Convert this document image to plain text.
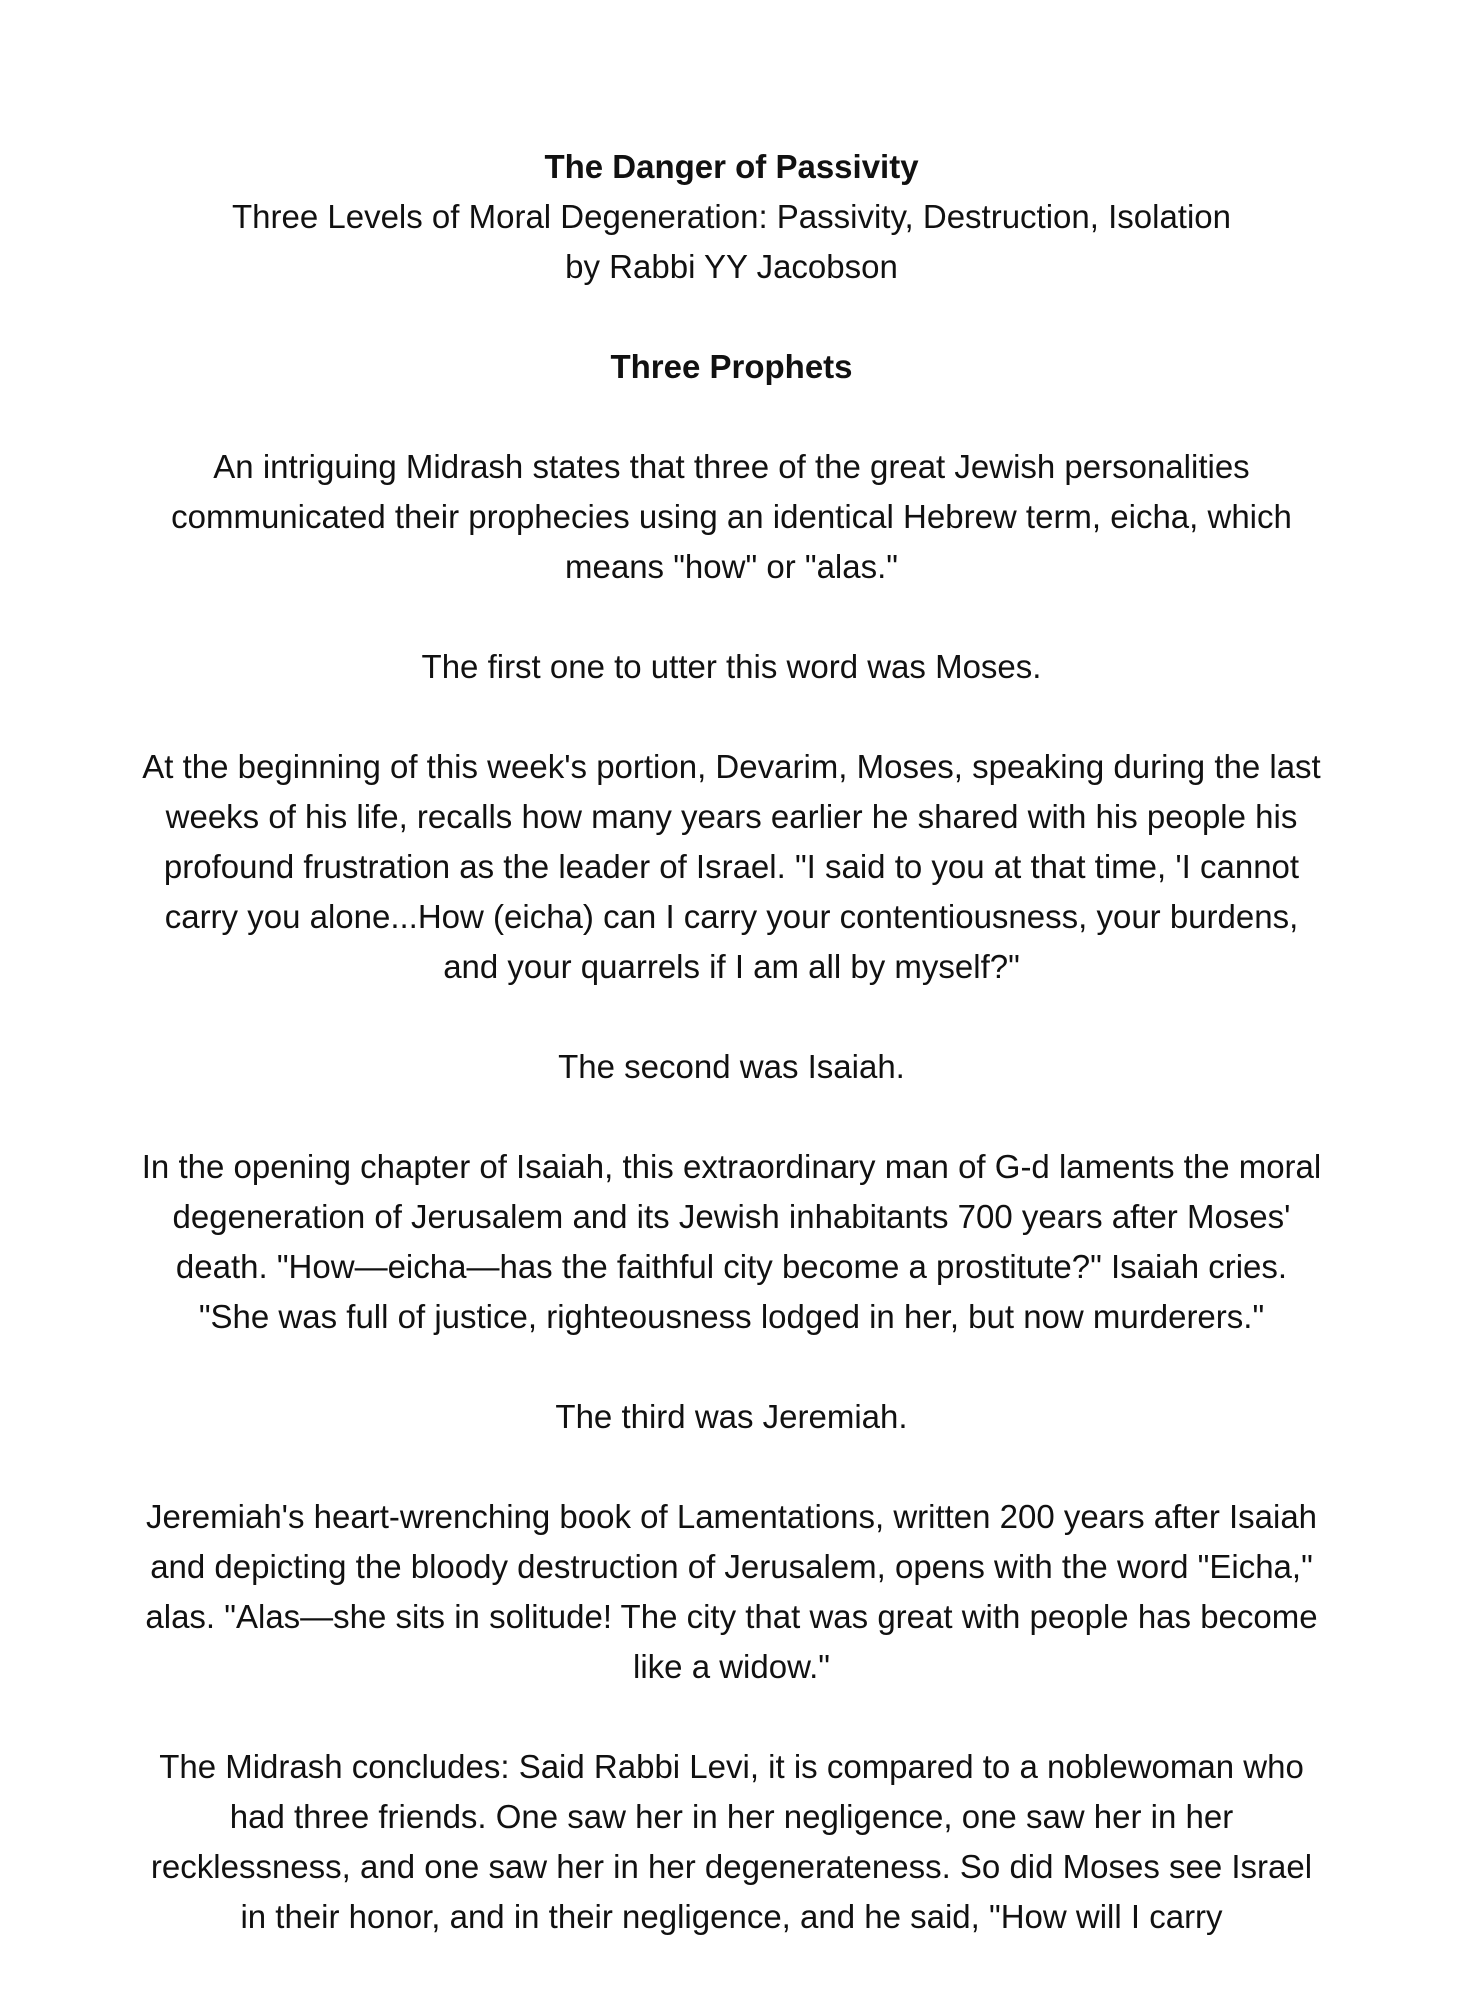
The Danger of Passivity

Three Levels of Moral Degeneration: Passivity, Destruction, Isolation

by Rabbi YY Jacobson

Three Prophets

An intriguing Midrash states that three of the great Jewish personalities communicated their prophecies using an identical Hebrew term, eicha, which means "how" or "alas."

The first one to utter this word was Moses.

At the beginning of this week's portion, Devarim, Moses, speaking during the last weeks of his life, recalls how many years earlier he shared with his people his profound frustration as the leader of Israel. "I said to you at that time, 'I cannot carry you alone...How (eicha) can I carry your contentiousness, your burdens, and your quarrels if I am all by myself?"

The second was Isaiah.

In the opening chapter of Isaiah, this extraordinary man of G-d laments the moral degeneration of Jerusalem and its Jewish inhabitants 700 years after Moses' death. "How—eicha—has the faithful city become a prostitute?" Isaiah cries. "She was full of justice, righteousness lodged in her, but now murderers."

The third was Jeremiah.

Jeremiah's heart-wrenching book of Lamentations, written 200 years after Isaiah and depicting the bloody destruction of Jerusalem, opens with the word "Eicha," alas. "Alas—she sits in solitude! The city that was great with people has become like a widow."

The Midrash concludes: Said Rabbi Levi, it is compared to a noblewoman who had three friends. One saw her in her negligence, one saw her in her recklessness, and one saw her in her degenerateness. So did Moses see Israel in their honor, and in their negligence, and he said, "How will I carry
